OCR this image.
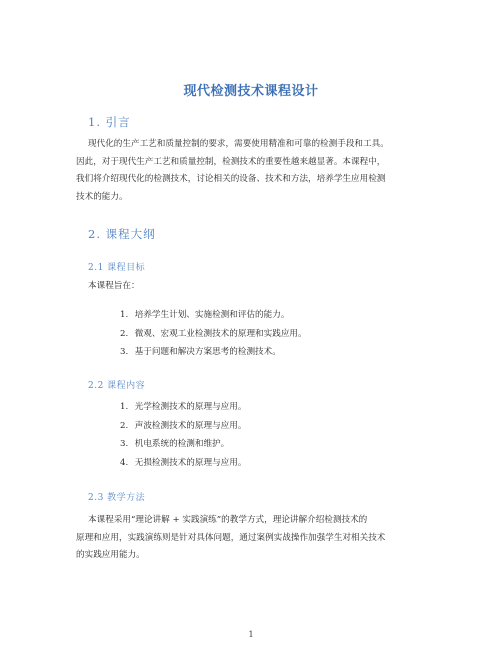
现代检测技术课程设计
1. 引言
现代化的生产工艺和质量控制的要求，需要使用精准和可靠的检测手段和工具。
因此，对于现代生产工艺和质量控制，检测技术的重要性越来越显著。本课程中，
我们将介绍现代化的检测技术，讨论相关的设备、技术和方法，培养学生应用检测
技术的能力。
2. 课程大纲
2.1 课程目标
本课程旨在：
1. 培养学生计划、实施检测和评估的能力。
2. 微观、宏观工业检测技术的原理和实践应用。
3. 基于问题和解决方案思考的检测技术。
2.2 课程内容
1. 光学检测技术的原理与应用。
2. 声波检测技术的原理与应用。
3. 机电系统的检测和维护。
4. 无损检测技术的原理与应用。
2.3 教学方法
本课程采用“理论讲解 + 实践演练”的教学方式，理论讲解介绍检测技术的
原理和应用，实践演练则是针对具体问题，通过案例实战操作加强学生对相关技术
的实践应用能力。
1
